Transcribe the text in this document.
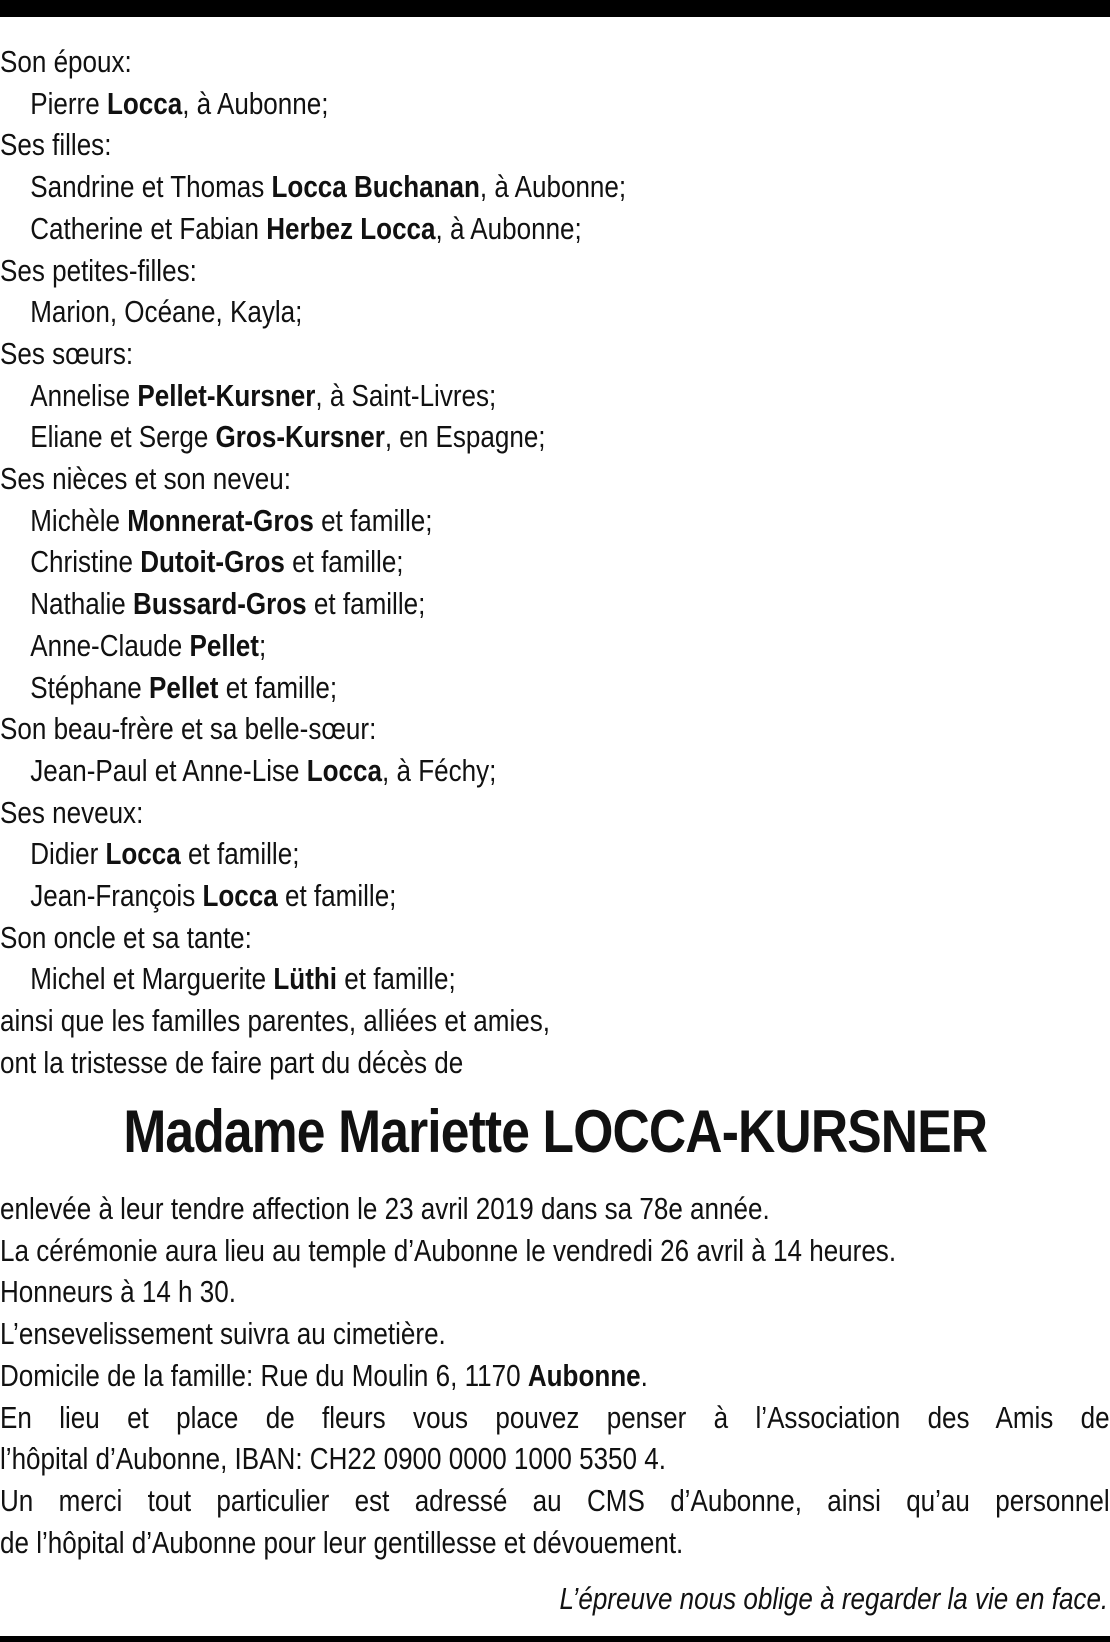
Son époux:
Pierre Locca, à Aubonne;
Ses filles:
Sandrine et Thomas Locca Buchanan, à Aubonne;
Catherine et Fabian Herbez Locca, à Aubonne;
Ses petites-filles:
Marion, Océane, Kayla;
Ses sœurs:
Annelise Pellet-Kursner, à Saint-Livres;
Eliane et Serge Gros-Kursner, en Espagne;
Ses nièces et son neveu:
Michèle Monnerat-Gros et famille;
Christine Dutoit-Gros et famille;
Nathalie Bussard-Gros et famille;
Anne-Claude Pellet;
Stéphane Pellet et famille;
Son beau-frère et sa belle-sœur:
Jean-Paul et Anne-Lise Locca, à Féchy;
Ses neveux:
Didier Locca et famille;
Jean-François Locca et famille;
Son oncle et sa tante:
Michel et Marguerite Lüthi et famille;
ainsi que les familles parentes, alliées et amies,
ont la tristesse de faire part du décès de
Madame Mariette LOCCA-KURSNER
enlevée à leur tendre affection le 23 avril 2019 dans sa 78e année.
La cérémonie aura lieu au temple d’Aubonne le vendredi 26 avril à 14 heures.
Honneurs à 14 h 30.
L’ensevelissement suivra au cimetière.
Domicile de la famille: Rue du Moulin 6, 1170 Aubonne.
En lieu et place de fleurs vous pouvez penser à l’Association des Amis de
l’hôpital d’Aubonne, IBAN: CH22 0900 0000 1000 5350 4.
Un merci tout particulier est adressé au CMS d’Aubonne, ainsi qu’au personnel
de l’hôpital d’Aubonne pour leur gentillesse et dévouement.
L’épreuve nous oblige à regarder la vie en face.
